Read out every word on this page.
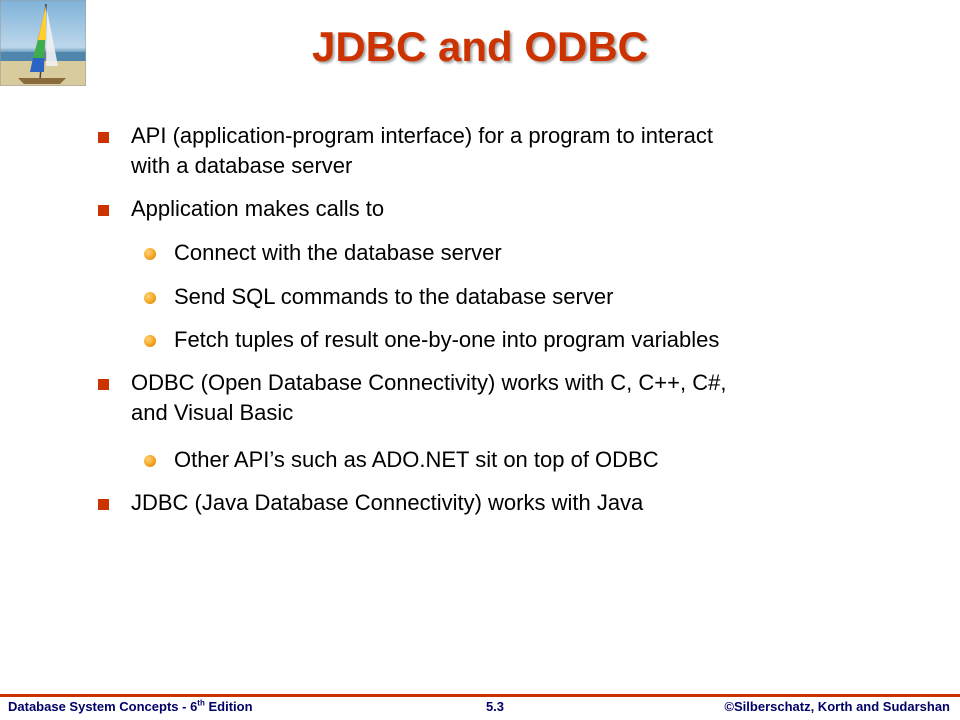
JDBC and ODBC
API (application-program interface) for a program to interact
with a database server
Application makes calls to
Connect with the database server
Send SQL commands to the database server
Fetch tuples of result one-by-one into program variables
ODBC (Open Database Connectivity) works with C, C++, C#,
and Visual Basic
Other API’s such as ADO.NET sit on top of ODBC
JDBC (Java Database Connectivity) works with Java
Database System Concepts - 6th Edition	5.3	©Silberschatz, Korth and Sudarshan
